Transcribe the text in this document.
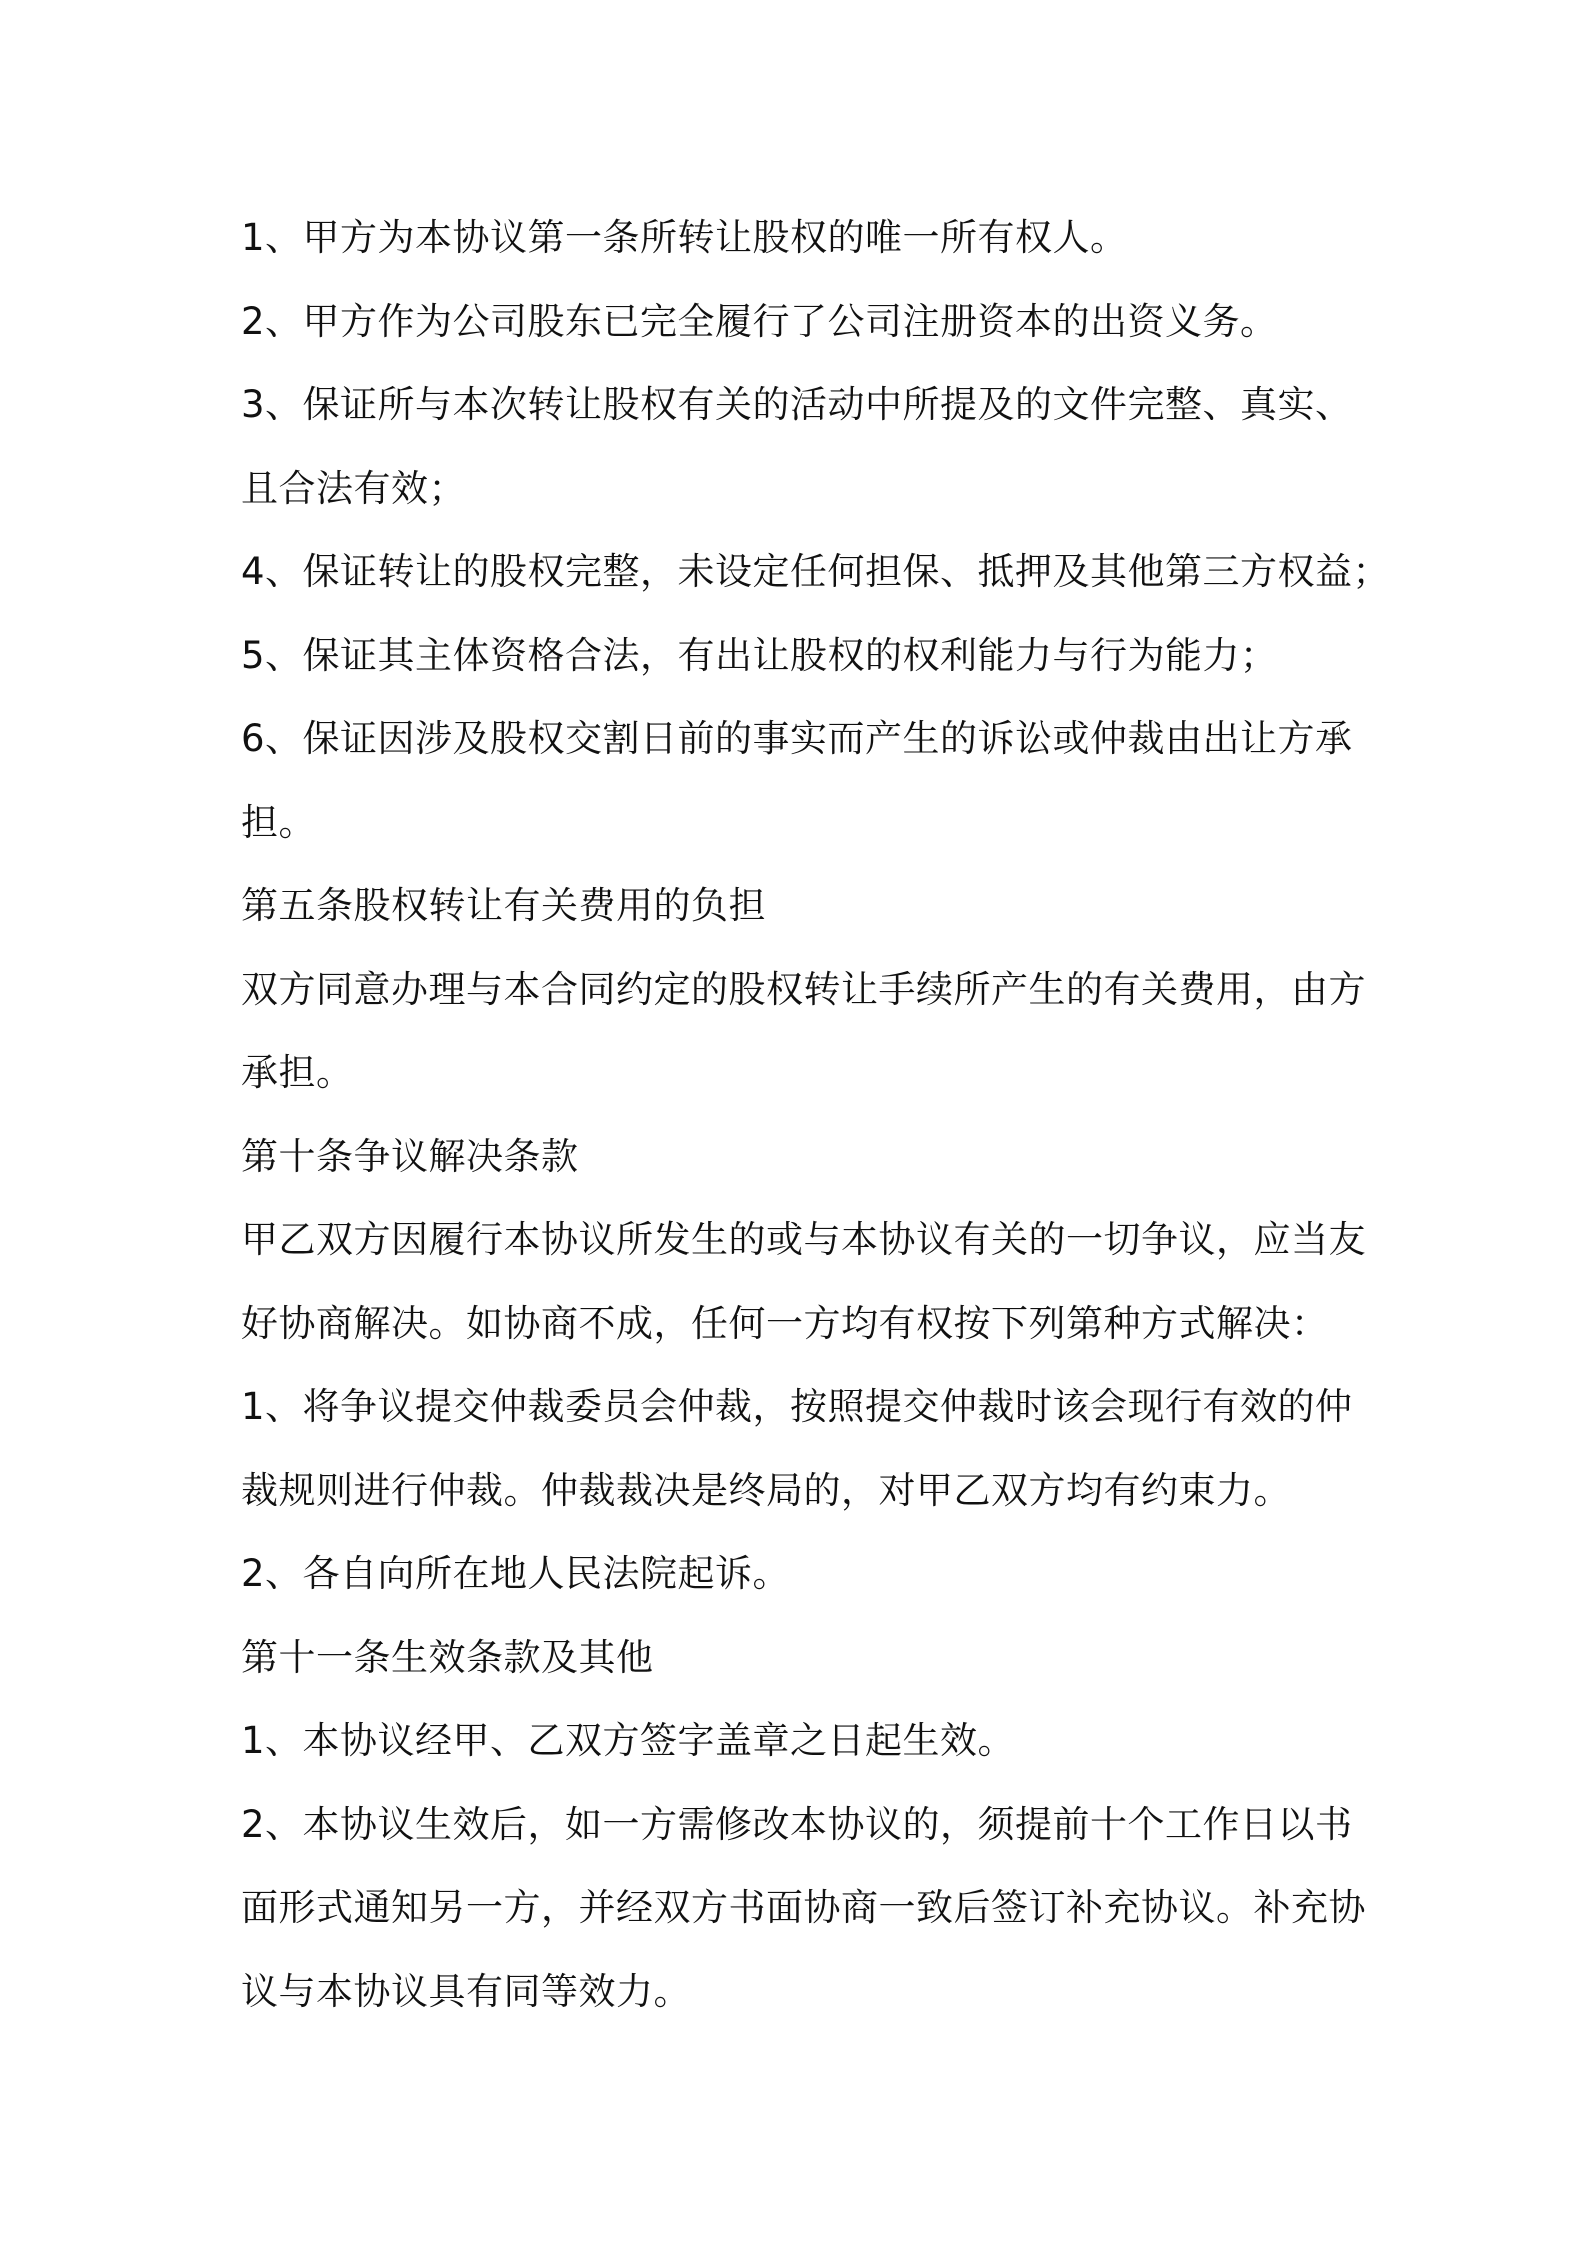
1、甲方为本协议第一条所转让股权的唯一所有权人。
2、甲方作为公司股东已完全履行了公司注册资本的出资义务。
3、保证所与本次转让股权有关的活动中所提及的文件完整、真实、
且合法有效；
4、保证转让的股权完整，未设定任何担保、抵押及其他第三方权益；
5、保证其主体资格合法，有出让股权的权利能力与行为能力；
6、保证因涉及股权交割日前的事实而产生的诉讼或仲裁由出让方承
担。
第五条股权转让有关费用的负担
双方同意办理与本合同约定的股权转让手续所产生的有关费用，由方
承担。
第十条争议解决条款
甲乙双方因履行本协议所发生的或与本协议有关的一切争议，应当友
好协商解决。如协商不成，任何一方均有权按下列第种方式解决：
1、将争议提交仲裁委员会仲裁，按照提交仲裁时该会现行有效的仲
裁规则进行仲裁。仲裁裁决是终局的，对甲乙双方均有约束力。
2、各自向所在地人民法院起诉。
第十一条生效条款及其他
1、本协议经甲、乙双方签字盖章之日起生效。
2、本协议生效后，如一方需修改本协议的，须提前十个工作日以书
面形式通知另一方，并经双方书面协商一致后签订补充协议。补充协
议与本协议具有同等效力。
